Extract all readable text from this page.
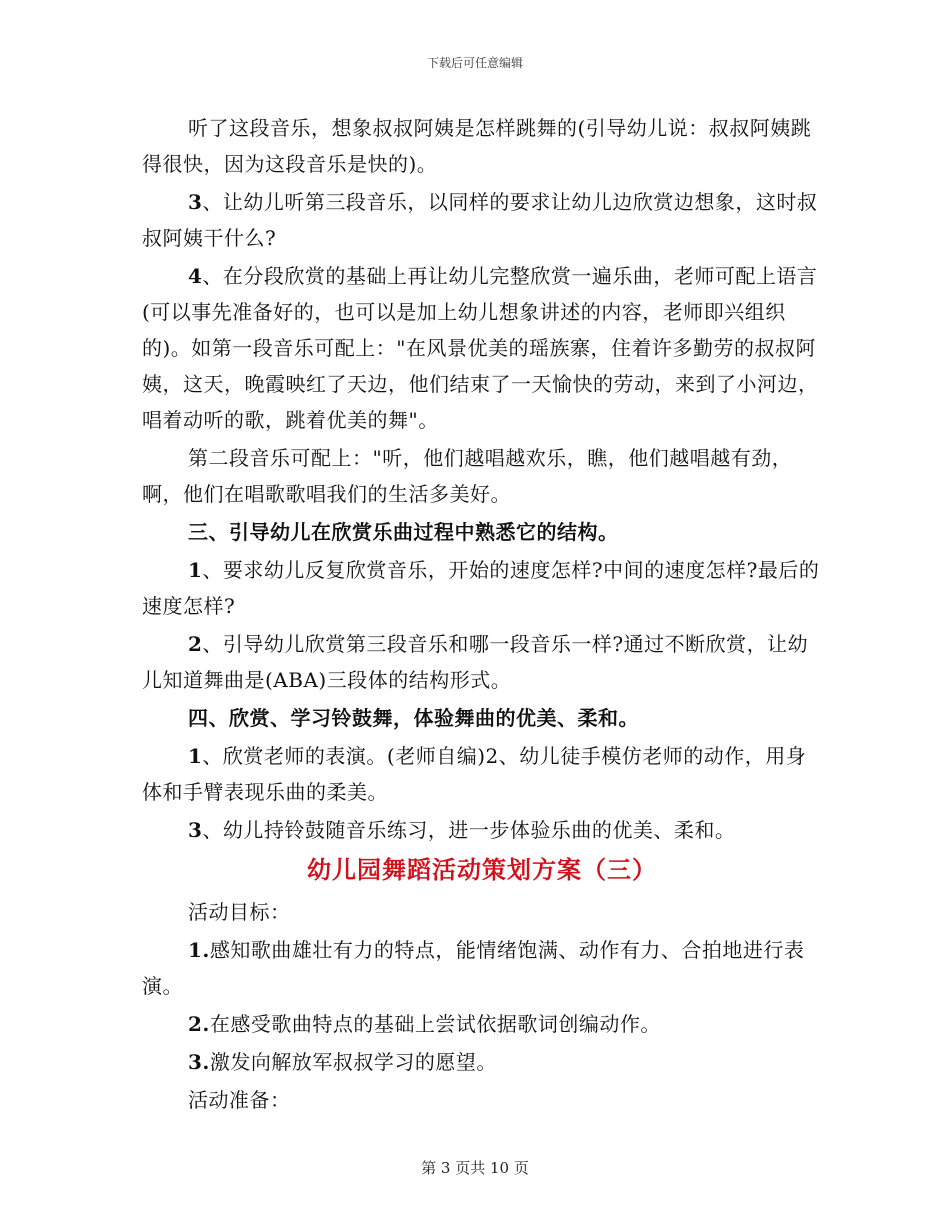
下载后可任意编辑

听了这段音乐，想象叔叔阿姨是怎样跳舞的(引导幼儿说：叔叔阿姨跳得很快，因为这段音乐是快的)。

3、让幼儿听第三段音乐，以同样的要求让幼儿边欣赏边想象，这时叔叔阿姨干什么?

4、在分段欣赏的基础上再让幼儿完整欣赏一遍乐曲，老师可配上语言(可以事先准备好的，也可以是加上幼儿想象讲述的内容，老师即兴组织的)。如第一段音乐可配上："在风景优美的瑶族寨，住着许多勤劳的叔叔阿姨，这天，晚霞映红了天边，他们结束了一天愉快的劳动，来到了小河边，唱着动听的歌，跳着优美的舞"。

第二段音乐可配上："听，他们越唱越欢乐，瞧，他们越唱越有劲，啊，他们在唱歌歌唱我们的生活多美好。

三、引导幼儿在欣赏乐曲过程中熟悉它的结构。

1、要求幼儿反复欣赏音乐，开始的速度怎样?中间的速度怎样?最后的速度怎样?

2、引导幼儿欣赏第三段音乐和哪一段音乐一样?通过不断欣赏，让幼儿知道舞曲是(ABA)三段体的结构形式。

四、欣赏、学习铃鼓舞，体验舞曲的优美、柔和。

1、欣赏老师的表演。(老师自编)2、幼儿徒手模仿老师的动作，用身体和手臂表现乐曲的柔美。

3、幼儿持铃鼓随音乐练习，进一步体验乐曲的优美、柔和。

幼儿园舞蹈活动策划方案（三）

活动目标：

1.感知歌曲雄壮有力的特点，能情绪饱满、动作有力、合拍地进行表演。

2.在感受歌曲特点的基础上尝试依据歌词创编动作。

3.激发向解放军叔叔学习的愿望。

活动准备：

第 3 页共 10 页
